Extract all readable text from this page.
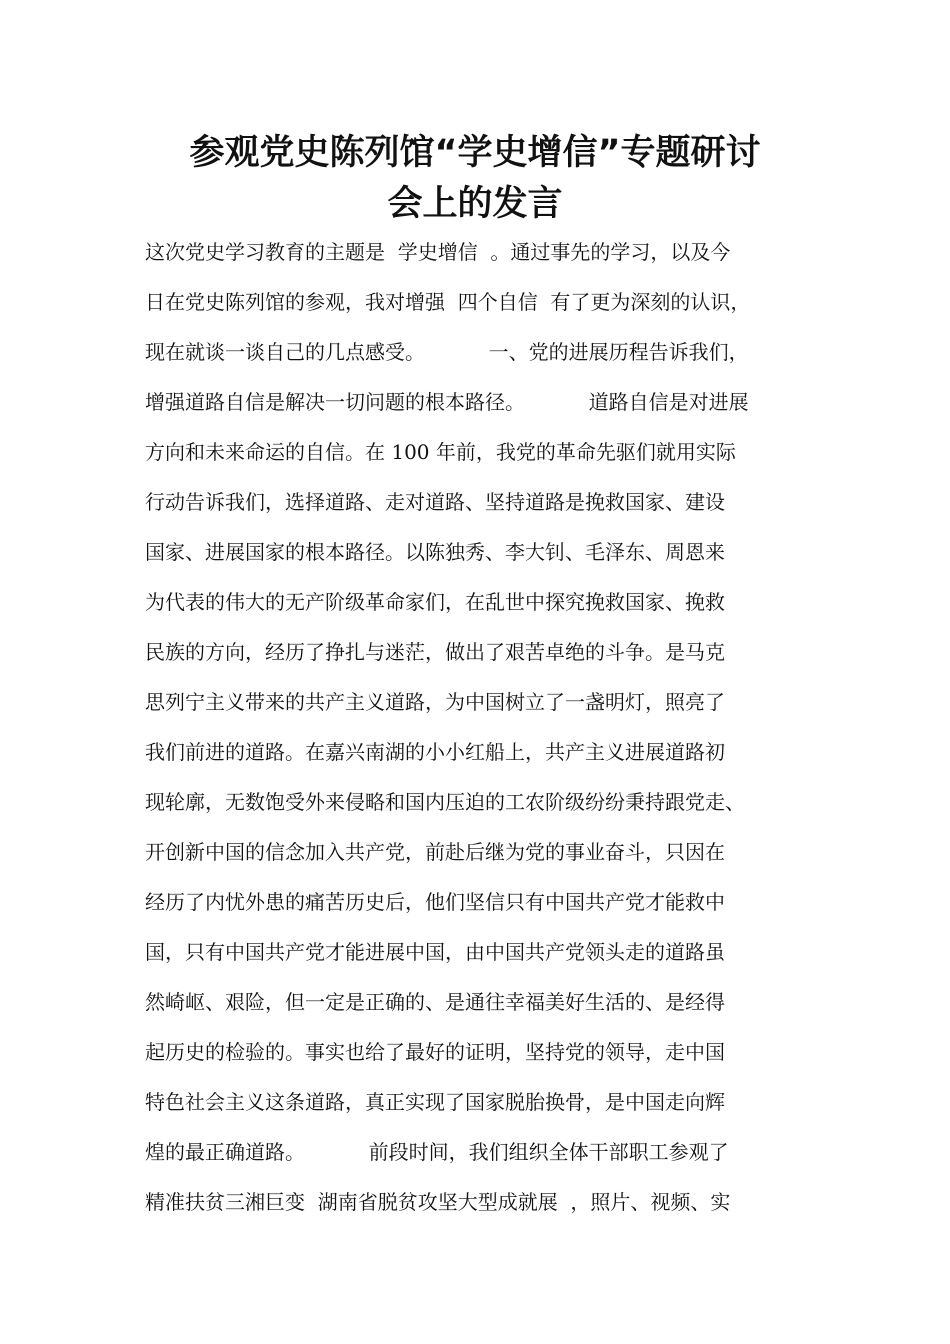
参观党史陈列馆“学史增信”专题研讨
会上的发言
这次党史学习教育的主题是  学史增信  。通过事先的学习，以及今
日在党史陈列馆的参观，我对增强  四个自信  有了更为深刻的认识，
现在就谈一谈自己的几点感受。          一、党的进展历程告诉我们，
增强道路自信是解决一切问题的根本路径。          道路自信是对进展
方向和未来命运的自信。在 100 年前，我党的革命先驱们就用实际
行动告诉我们，选择道路、走对道路、坚持道路是挽救国家、建设
国家、进展国家的根本路径。以陈独秀、李大钊、毛泽东、周恩来
为代表的伟大的无产阶级革命家们，在乱世中探究挽救国家、挽救
民族的方向，经历了挣扎与迷茫，做出了艰苦卓绝的斗争。是马克
思列宁主义带来的共产主义道路，为中国树立了一盏明灯，照亮了
我们前进的道路。在嘉兴南湖的小小红船上，共产主义进展道路初
现轮廓，无数饱受外来侵略和国内压迫的工农阶级纷纷秉持跟党走、
开创新中国的信念加入共产党，前赴后继为党的事业奋斗，只因在
经历了内忧外患的痛苦历史后，他们坚信只有中国共产党才能救中
国，只有中国共产党才能进展中国，由中国共产党领头走的道路虽
然崎岖、艰险，但一定是正确的、是通往幸福美好生活的、是经得
起历史的检验的。事实也给了最好的证明，坚持党的领导，走中国
特色社会主义这条道路，真正实现了国家脱胎换骨，是中国走向辉
煌的最正确道路。          前段时间，我们组织全体干部职工参观了
精准扶贫三湘巨变  湖南省脱贫攻坚大型成就展  ，照片、视频、实
